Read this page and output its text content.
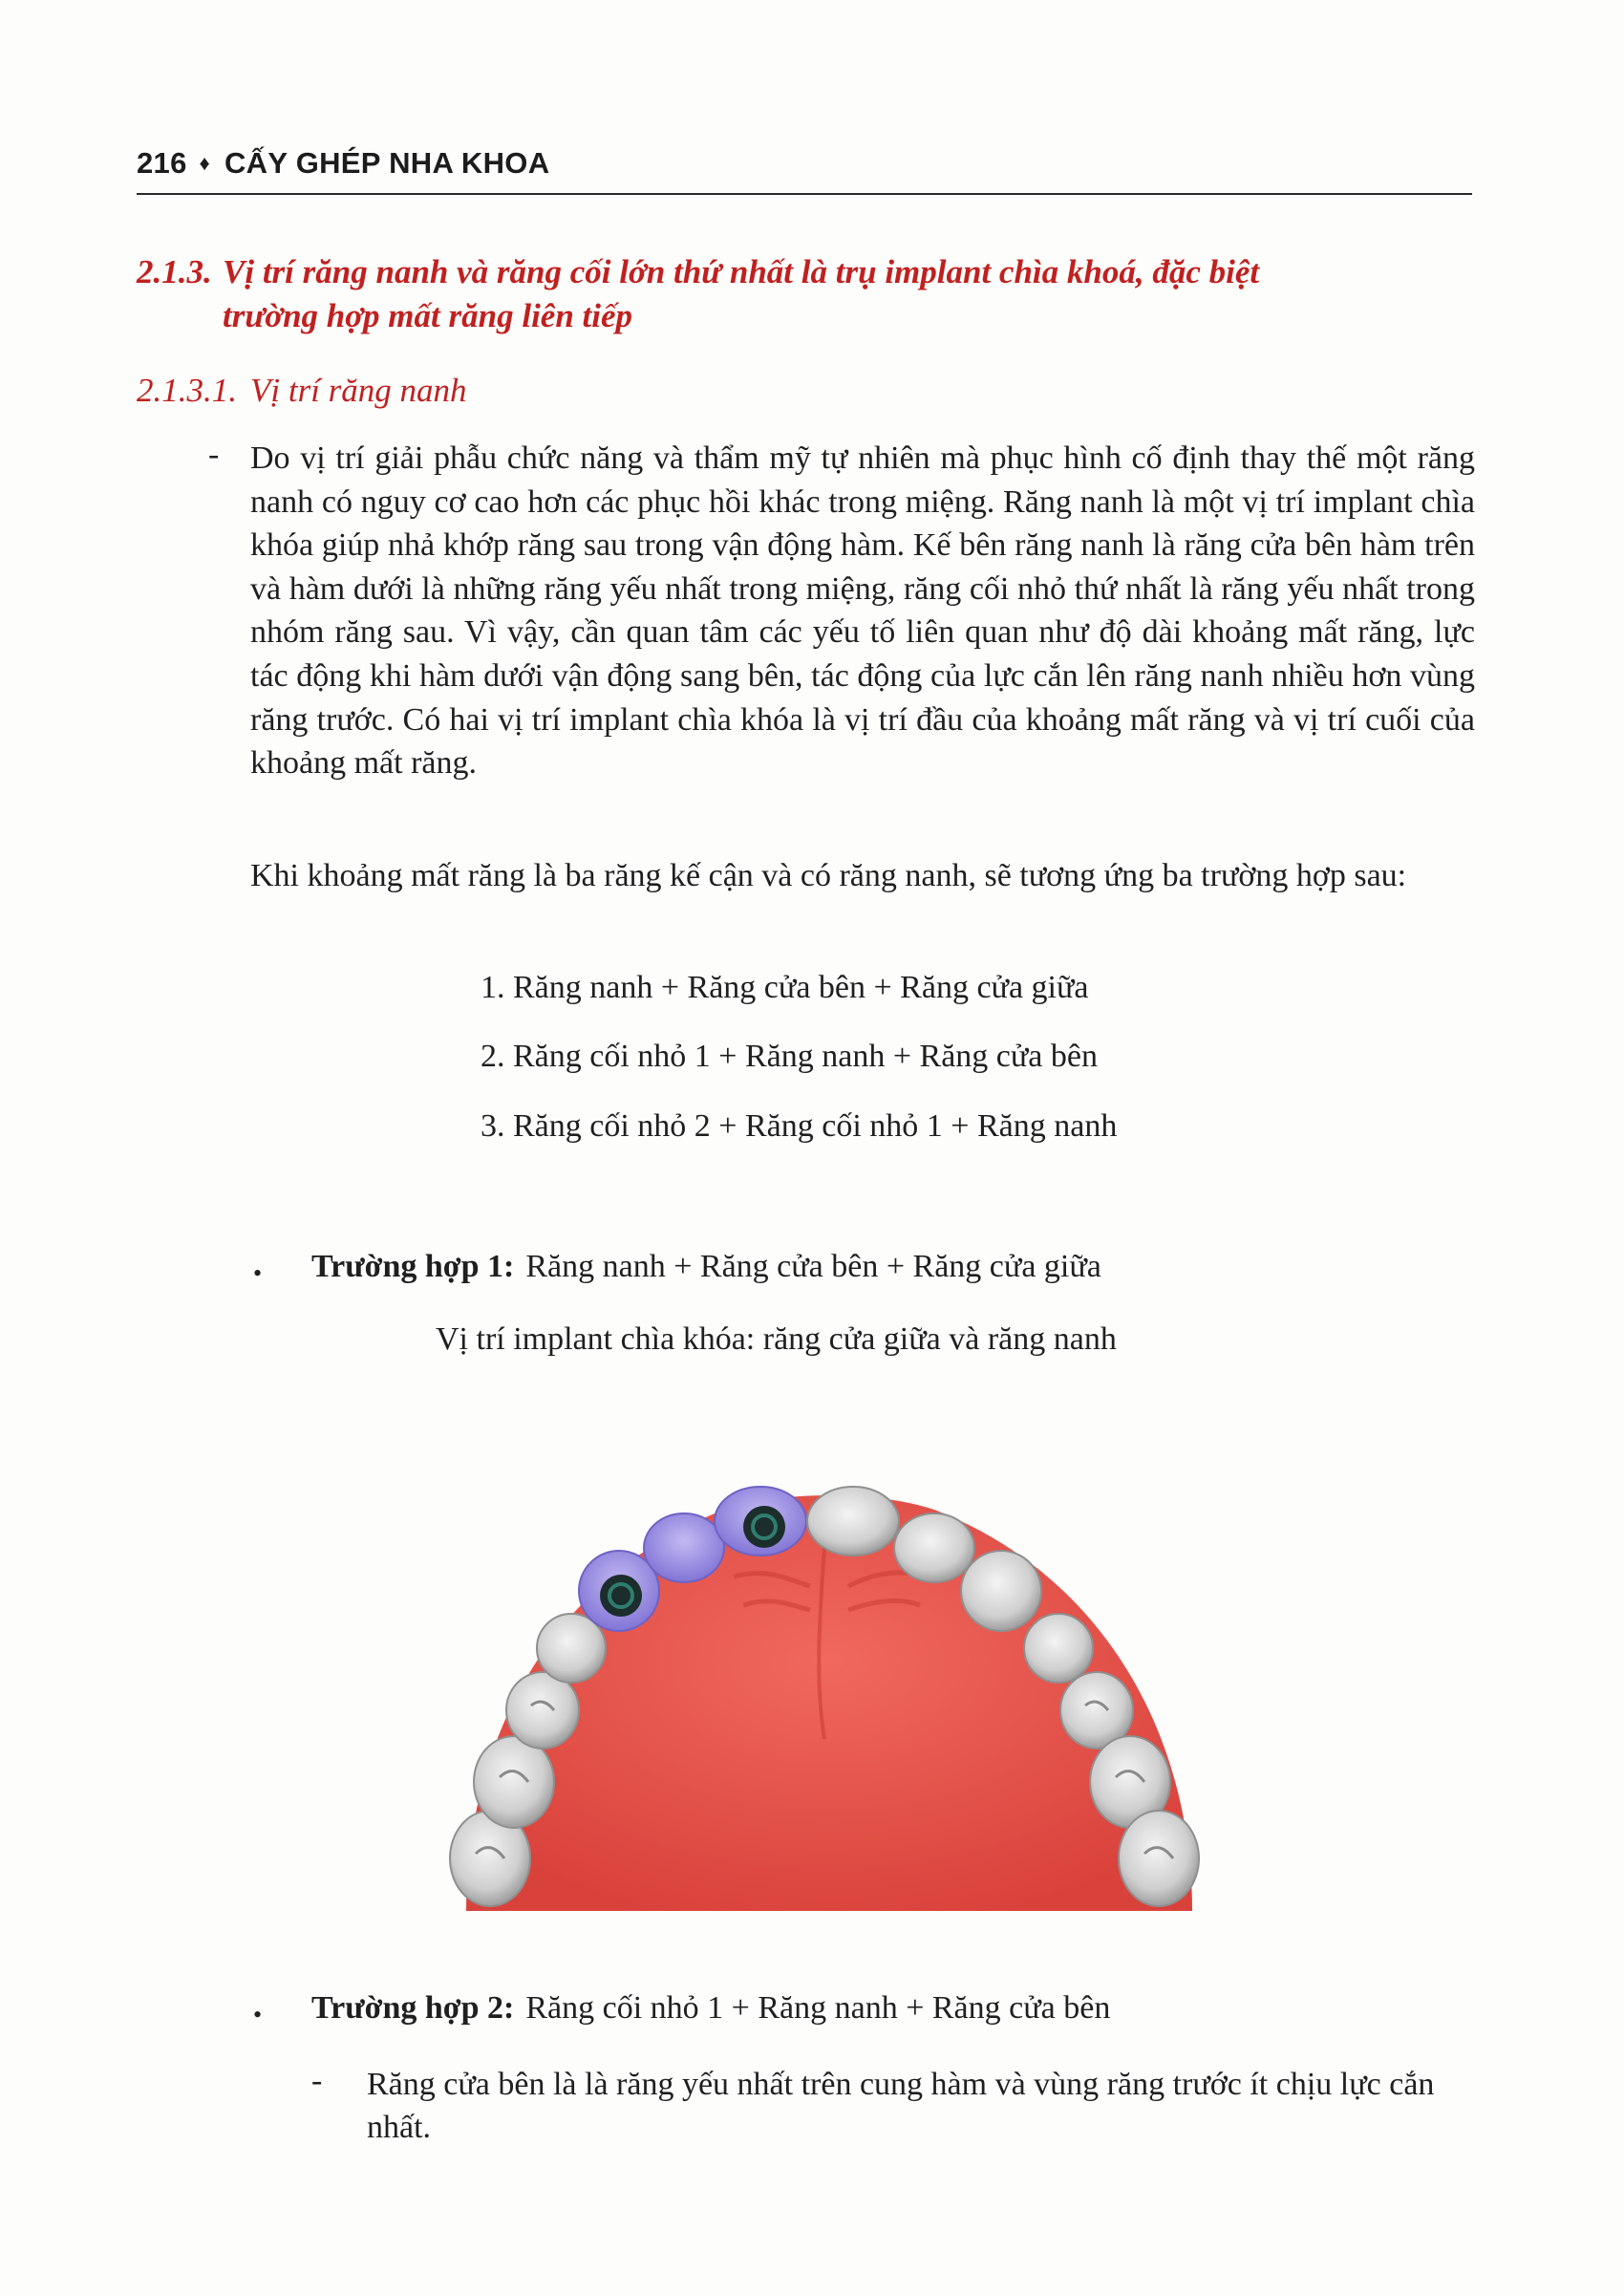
216 ♦ CẤY GHÉP NHA KHOA
2.1.3. Vị trí răng nanh và răng cối lớn thứ nhất là trụ implant chìa khoá, đặc biệt
trường hợp mất răng liên tiếp
2.1.3.1. Vị trí răng nanh
- Do vị trí giải phẫu chức năng và thẩm mỹ tự nhiên mà phục hình cố định thay thế một răng nanh có nguy cơ cao hơn các phục hồi khác trong miệng. Răng nanh là một vị trí implant chìa khóa giúp nhả khớp răng sau trong vận động hàm. Kế bên răng nanh là răng cửa bên hàm trên và hàm dưới là những răng yếu nhất trong miệng, răng cối nhỏ thứ nhất là răng yếu nhất trong nhóm răng sau. Vì vậy, cần quan tâm các yếu tố liên quan như độ dài khoảng mất răng, lực tác động khi hàm dưới vận động sang bên, tác động của lực cắn lên răng nanh nhiều hơn vùng răng trước. Có hai vị trí implant chìa khóa là vị trí đầu của khoảng mất răng và vị trí cuối của khoảng mất răng.
Khi khoảng mất răng là ba răng kế cận và có răng nanh, sẽ tương ứng ba trường hợp sau:
1. Răng nanh + Răng cửa bên + Răng cửa giữa
2. Răng cối nhỏ 1 + Răng nanh + Răng cửa bên
3. Răng cối nhỏ 2 + Răng cối nhỏ 1 + Răng nanh
• Trường hợp 1: Răng nanh + Răng cửa bên + Răng cửa giữa
Vị trí implant chìa khóa: răng cửa giữa và răng nanh
• Trường hợp 2: Răng cối nhỏ 1 + Răng nanh + Răng cửa bên
- Răng cửa bên là là răng yếu nhất trên cung hàm và vùng răng trước ít chịu lực cắn nhất.
